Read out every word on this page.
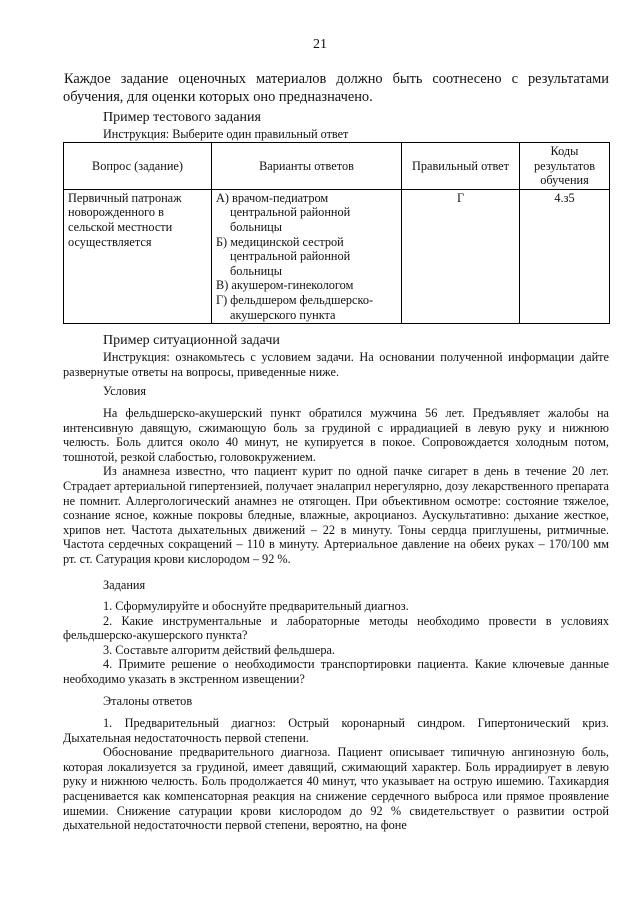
21
Каждое задание оценочных материалов должно быть соотнесено с результатами обучения, для оценки которых оно предназначено.
Пример тестового задания
Инструкция: Выберите один правильный ответ
Вопрос (задание)	Варианты ответов	Правильный ответ	Коды результатов обучения
Первичный патронаж новорожденного в сельской местности осуществляется	А) врачом-педиатром центральной районной больницы

Б) медицинской сестрой центральной районной больницы

В) акушером-гинекологом

Г) фельдшером фельдшерско-акушерского пункта	Г	4.з5
Пример ситуационной задачи

Инструкция: ознакомьтесь с условием задачи. На основании полученной информации дайте развернутые ответы на вопросы, приведенные ниже.

Условия

На фельдшерско-акушерский пункт обратился мужчина 56 лет. Предъявляет жалобы на интенсивную давящую, сжимающую боль за грудиной с иррадиацией в левую руку и нижнюю челюсть. Боль длится около 40 минут, не купируется в покое. Сопровождается холодным потом, тошнотой, резкой слабостью, головокружением.

Из анамнеза известно, что пациент курит по одной пачке сигарет в день в течение 20 лет. Страдает артериальной гипертензией, получает эналаприл нерегулярно, дозу лекарственного препарата не помнит. Аллергологический анамнез не отягощен. При объективном осмотре: состояние тяжелое, сознание ясное, кожные покровы бледные, влажные, акроцианоз. Аускультативно: дыхание жесткое, хрипов нет. Частота дыхательных движений – 22 в минуту. Тоны сердца приглушены, ритмичные. Частота сердечных сокращений – 110 в минуту. Артериальное давление на обеих руках – 170/100 мм рт. ст. Сатурация крови кислородом – 92 %.

Задания

1. Сформулируйте и обоснуйте предварительный диагноз.

2. Какие инструментальные и лабораторные методы необходимо провести в условиях фельдшерско-акушерского пункта?

3. Составьте алгоритм действий фельдшера.

4. Примите решение о необходимости транспортировки пациента. Какие ключевые данные необходимо указать в экстренном извещении?

Эталоны ответов

1. Предварительный диагноз: Острый коронарный синдром. Гипертонический криз. Дыхательная недостаточность первой степени.

Обоснование предварительного диагноза. Пациент описывает типичную ангинозную боль, которая локализуется за грудиной, имеет давящий, сжимающий характер. Боль иррадиирует в левую руку и нижнюю челюсть. Боль продолжается 40 минут, что указывает на острую ишемию. Тахикардия расценивается как компенсаторная реакция на снижение сердечного выброса или прямое проявление ишемии. Снижение сатурации крови кислородом до 92 % свидетельствует о развитии острой дыхательной недостаточности первой степени, вероятно, на фоне
